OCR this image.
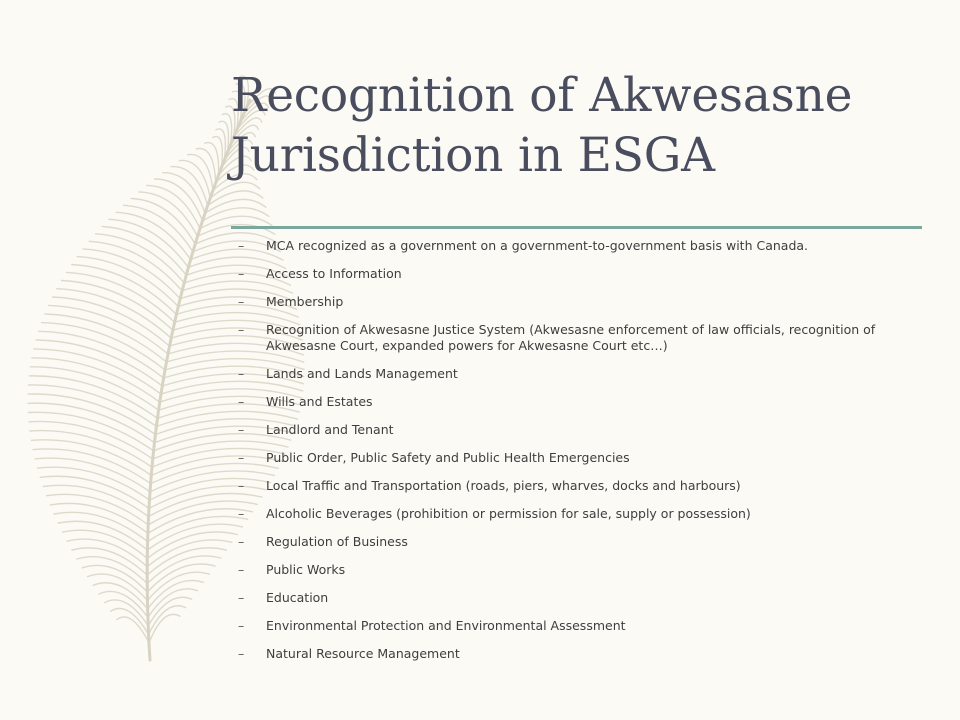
Recognition of Akwesasne
Jurisdiction in ESGA
– MCA recognized as a government on a government-to-government basis with Canada.
– Access to Information
– Membership
– Recognition of Akwesasne Justice System (Akwesasne enforcement of law officials, recognition of Akwesasne Court, expanded powers for Akwesasne Court etc…)
– Lands and Lands Management
– Wills and Estates
– Landlord and Tenant
– Public Order, Public Safety and Public Health Emergencies
– Local Traffic and Transportation (roads, piers, wharves, docks and harbours)
– Alcoholic Beverages (prohibition or permission for sale, supply or possession)
– Regulation of Business
– Public Works
– Education
– Environmental Protection and Environmental Assessment
– Natural Resource Management
